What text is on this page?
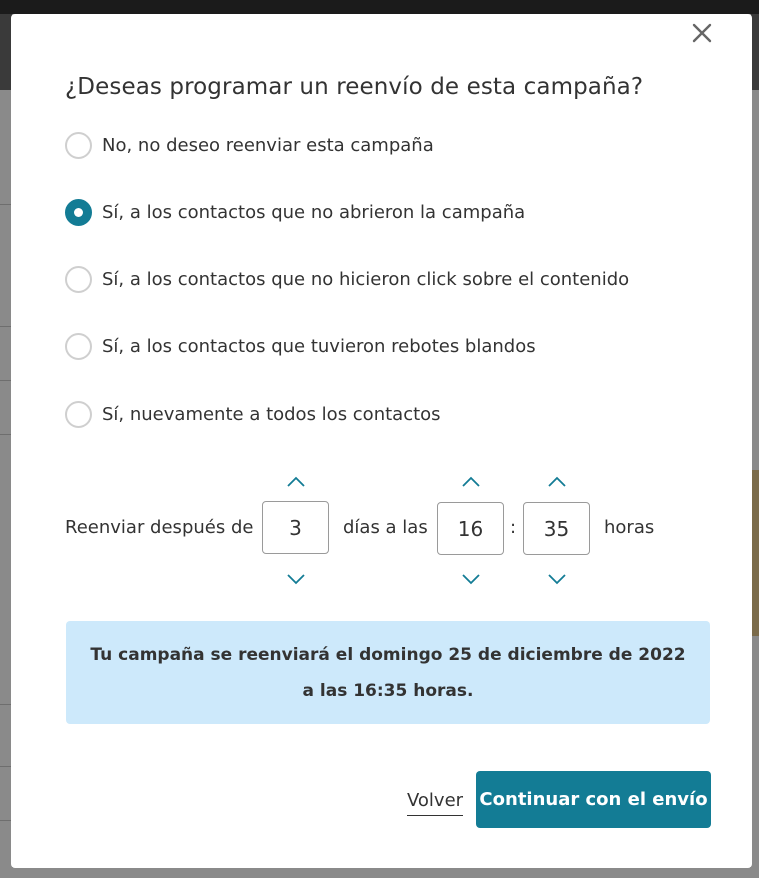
¿Deseas programar un reenvío de esta campaña?
No, no deseo reenviar esta campaña
Sí, a los contactos que no abrieron la campaña
Sí, a los contactos que no hicieron click sobre el contenido
Sí, a los contactos que tuvieron rebotes blandos
Sí, nuevamente a todos los contactos
Reenviar después de	3	días a las	16	:	35	horas
Tu campaña se reenviará el domingo 25 de diciembre de 2022
a las 16:35 horas.
Volver Continuar con el envío
